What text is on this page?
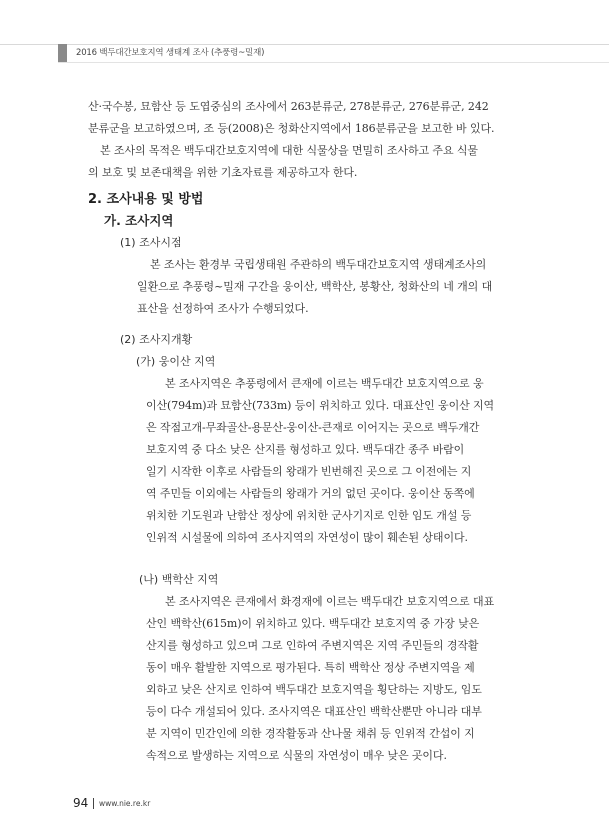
2016 백두대간보호지역 생태계 조사 (추풍령~밀재)
산·국수봉, 묘함산 등 도엽중심의 조사에서 263분류군, 278분류군, 276분류군, 242
분류군을 보고하였으며, 조 등(2008)은 청화산지역에서 186분류군을 보고한 바 있다.
본 조사의 목적은 백두대간보호지역에 대한 식물상을 면밀히 조사하고 주요 식물
의 보호 및 보존대책을 위한 기초자료를 제공하고자 한다.
2. 조사내용 및 방법
가. 조사지역
(1) 조사시점
본 조사는 환경부 국립생태원 주관하의 백두대간보호지역 생태계조사의
일환으로 추풍령~밀재 구간을 웅이산, 백학산, 봉황산, 청화산의 네 개의 대
표산을 선정하여 조사가 수행되었다.
(2) 조사지개황
(가) 웅이산 지역
본 조사지역은 추풍령에서 큰재에 이르는 백두대간 보호지역으로 웅
이산(794m)과 묘함산(733m) 등이 위치하고 있다. 대표산인 웅이산 지역
은 작점고개-무좌골산-용문산-웅이산-큰재로 이어지는 곳으로 백두개간
보호지역 중 다소 낮은 산지를 형성하고 있다. 백두대간 종주 바람이
일기 시작한 이후로 사람들의 왕래가 빈번해진 곳으로 그 이전에는 지
역 주민들 이외에는 사람들의 왕래가 거의 없던 곳이다. 웅이산 동쪽에
위치한 기도원과 난함산 정상에 위치한 군사기지로 인한 임도 개설 등
인위적 시설물에 의하여 조사지역의 자연성이 많이 훼손된 상태이다.
(나) 백학산 지역
본 조사지역은 큰재에서 화경재에 이르는 백두대간 보호지역으로 대표
산인 백학산(615m)이 위치하고 있다. 백두대간 보호지역 중 가장 낮은
산지를 형성하고 있으며 그로 인하여 주변지역은 지역 주민들의 경작활
동이 매우 활발한 지역으로 평가된다. 특히 백학산 정상 주변지역을 제
외하고 낮은 산지로 인하여 백두대간 보호지역을 횡단하는 지방도, 임도
등이 다수 개설되어 있다. 조사지역은 대표산인 백학산뿐만 아니라 대부
분 지역이 민간인에 의한 경작활동과 산나물 채취 등 인위적 간섭이 지
속적으로 발생하는 지역으로 식물의 자연성이 매우 낮은 곳이다.
94 www.nie.re.kr
